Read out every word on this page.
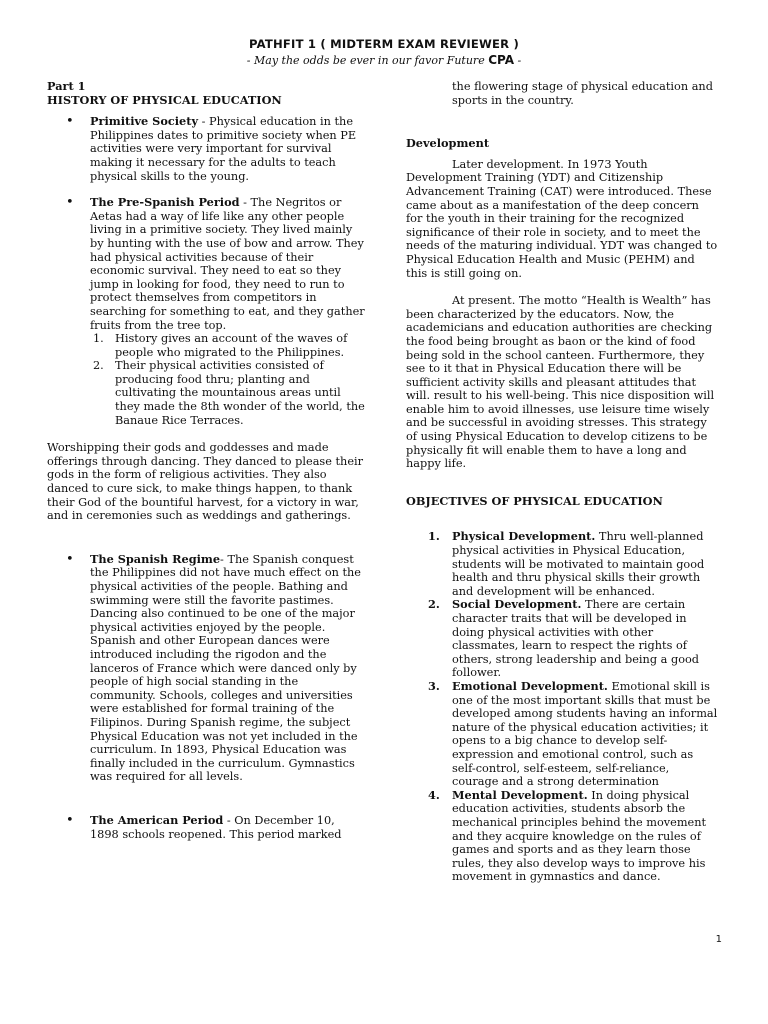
PATHFIT 1 ( MIDTERM EXAM REVIEWER )
- May the odds be ever in our favor Future CPA -

Part 1

HISTORY OF PHYSICAL EDUCATION

• Primitive Society - Physical education in the Philippines dates to primitive society when PE activities were very important for survival making it necessary for the adults to teach physical skills to the young.
• The Pre-Spanish Period - The Negritos or Aetas had a way of life like any other people living in a primitive society. They lived mainly by hunting with the use of bow and arrow. They had physical activities because of their economic survival. They need to eat so they jump in looking for food, they need to run to protect themselves from competitors in searching for something to eat, and they gather fruits from the tree top.
1. History gives an account of the waves of people who migrated to the Philippines.
2. Their physical activities consisted of producing food thru; planting and cultivating the mountainous areas until they made the 8th wonder of the world, the Banaue Rice Terraces.

Worshipping their gods and goddesses and made offerings through dancing. They danced to please their gods in the form of religious activities. They also danced to cure sick, to make things happen, to thank their God of the bountiful harvest, for a victory in war, and in ceremonies such as weddings and gatherings.

• The Spanish Regime- The Spanish conquest the Philippines did not have much effect on the physical activities of the people. Bathing and swimming were still the favorite pastimes. Dancing also continued to be one of the major physical activities enjoyed by the people. Spanish and other European dances were introduced including the rigodon and the lanceros of France which were danced only by people of high social standing in the community. Schools, colleges and universities were established for formal training of the Filipinos. During Spanish regime, the subject Physical Education was not yet included in the curriculum. In 1893, Physical Education was finally included in the curriculum. Gymnastics was required for all levels.
• The American Period - On December 10, 1898 schools reopened. This period marked

the flowering stage of physical education and sports in the country.

Development

Later development. In 1973 Youth Development Training (YDT) and Citizenship Advancement Training (CAT) were introduced. These came about as a manifestation of the deep concern for the youth in their training for the recognized significance of their role in society, and to meet the needs of the maturing individual. YDT was changed to Physical Education Health and Music (PEHM) and this is still going on.

At present. The motto “Health is Wealth” has been characterized by the educators. Now, the academicians and education authorities are checking the food being brought as baon or the kind of food being sold in the school canteen. Furthermore, they see to it that in Physical Education there will be sufficient activity skills and pleasant attitudes that will. result to his well-being. This nice disposition will enable him to avoid illnesses, use leisure time wisely and be successful in avoiding stresses. This strategy of using Physical Education to develop citizens to be physically fit will enable them to have a long and happy life.

OBJECTIVES OF PHYSICAL EDUCATION

1. Physical Development. Thru well-planned physical activities in Physical Education, students will be motivated to maintain good health and thru physical skills their growth and development will be enhanced.
2. Social Development. There are certain character traits that will be developed in doing physical activities with other classmates, learn to respect the rights of others, strong leadership and being a good follower.
3. Emotional Development. Emotional skill is one of the most important skills that must be developed among students having an informal nature of the physical education activities; it opens to a big chance to develop self-expression and emotional control, such as self-control, self-esteem, self-reliance, courage and a strong determination
4. Mental Development. In doing physical education activities, students absorb the mechanical principles behind the movement and they acquire knowledge on the rules of games and sports and as they learn those rules, they also develop ways to improve his movement in gymnastics and dance.
1
